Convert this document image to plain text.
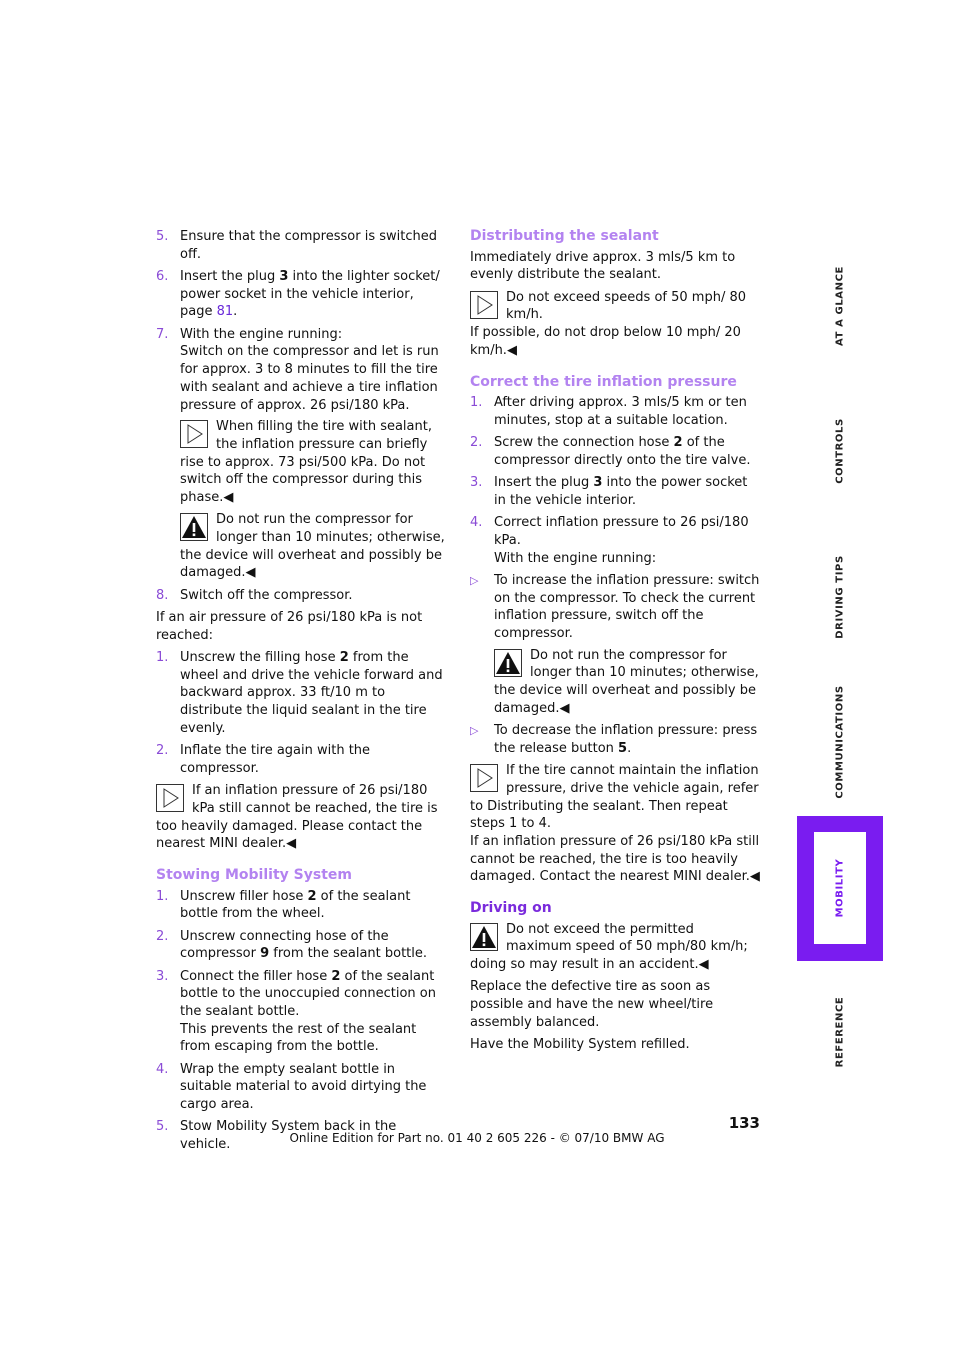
5. Ensure that the compressor is switched off.
6. Insert the plug 3 into the lighter socket/ power socket in the vehicle interior, page 81.
7. With the engine running:
Switch on the compressor and let is run for approx. 3 to 8 minutes to fill the tire with sealant and achieve a tire inflation pressure of approx. 26 psi/180 kPa.
When filling the tire with sealant, the inflation pressure can briefly rise to approx. 73 psi/500 kPa. Do not switch off the compressor during this phase.◀
Do not run the compressor for longer than 10 minutes; otherwise, the device will overheat and possibly be damaged.◀
8. Switch off the compressor.
If an air pressure of 26 psi/180 kPa is not reached:
1. Unscrew the filling hose 2 from the wheel and drive the vehicle forward and backward approx. 33 ft/10 m to distribute the liquid sealant in the tire evenly.
2. Inflate the tire again with the compressor.
If an inflation pressure of 26 psi/180 kPa still cannot be reached, the tire is too heavily damaged. Please contact the nearest MINI dealer.◀
Stowing Mobility System
1. Unscrew filler hose 2 of the sealant bottle from the wheel.
2. Unscrew connecting hose of the compressor 9 from the sealant bottle.
3. Connect the filler hose 2 of the sealant bottle to the unoccupied connection on the sealant bottle.
This prevents the rest of the sealant from escaping from the bottle.
4. Wrap the empty sealant bottle in suitable material to avoid dirtying the cargo area.
5. Stow Mobility System back in the vehicle.
Distributing the sealant
Immediately drive approx. 3 mls/5 km to evenly distribute the sealant.
Do not exceed speeds of 50 mph/ 80 km/h.
If possible, do not drop below 10 mph/ 20 km/h.◀
Correct the tire inflation pressure
1. After driving approx. 3 mls/5 km or ten minutes, stop at a suitable location.
2. Screw the connection hose 2 of the compressor directly onto the tire valve.
3. Insert the plug 3 into the power socket in the vehicle interior.
4. Correct inflation pressure to 26 psi/180 kPa.
With the engine running:
▷ To increase the inflation pressure: switch on the compressor. To check the current inflation pressure, switch off the compressor.
Do not run the compressor for longer than 10 minutes; otherwise, the device will overheat and possibly be damaged.◀
▷ To decrease the inflation pressure: press the release button 5.
If the tire cannot maintain the inflation pressure, drive the vehicle again, refer to Distributing the sealant. Then repeat steps 1 to 4.
If an inflation pressure of 26 psi/180 kPa still cannot be reached, the tire is too heavily damaged. Contact the nearest MINI dealer.◀
Driving on
Do not exceed the permitted maximum speed of 50 mph/80 km/h; doing so may result in an accident.◀
Replace the defective tire as soon as possible and have the new wheel/tire assembly balanced.
Have the Mobility System refilled.
AT A GLANCE
CONTROLS
DRIVING TIPS
COMMUNICATIONS
MOBILITY
REFERENCE
133
Online Edition for Part no. 01 40 2 605 226 - © 07/10 BMW AG
